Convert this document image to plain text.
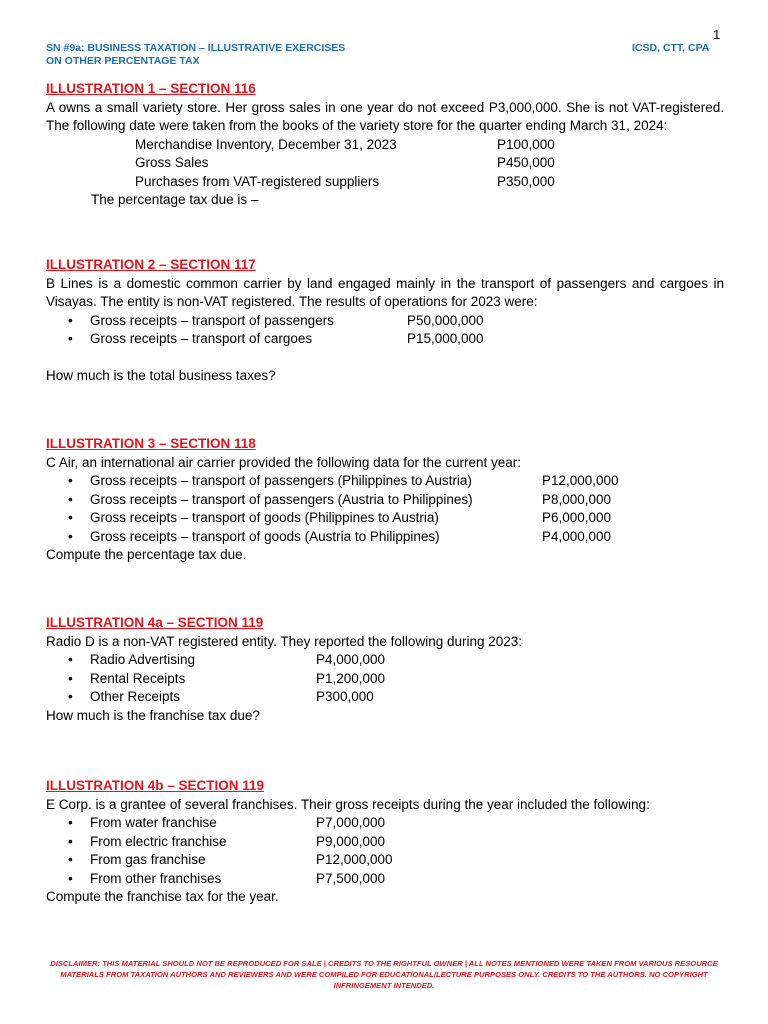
1
SN #9a: BUSINESS TAXATION – ILLUSTRATIVE EXERCISES
ON OTHER PERCENTAGE TAX
ICSD, CTT, CPA
ILLUSTRATION 1 – SECTION 116
A owns a small variety store. Her gross sales in one year do not exceed P3,000,000. She is not VAT-registered. The following date were taken from the books of the variety store for the quarter ending March 31, 2024:
Merchandise Inventory, December 31, 2023	P100,000
Gross Sales	P450,000
Purchases from VAT-registered suppliers	P350,000
The percentage tax due is –
ILLUSTRATION 2 – SECTION 117
B Lines is a domestic common carrier by land engaged mainly in the transport of passengers and cargoes in Visayas. The entity is non-VAT registered. The results of operations for 2023 were:
• Gross receipts – transport of passengers	P50,000,000
• Gross receipts – transport of cargoes	P15,000,000
How much is the total business taxes?
ILLUSTRATION 3 – SECTION 118
C Air, an international air carrier provided the following data for the current year:
• Gross receipts – transport of passengers (Philippines to Austria)	P12,000,000
• Gross receipts – transport of passengers (Austria to Philippines)	P8,000,000
• Gross receipts – transport of goods (Philippines to Austria)	P6,000,000
• Gross receipts – transport of goods (Austria to Philippines)	P4,000,000
Compute the percentage tax due.
ILLUSTRATION 4a – SECTION 119
Radio D is a non-VAT registered entity. They reported the following during 2023:
• Radio Advertising	P4,000,000
• Rental Receipts	P1,200,000
• Other Receipts	P300,000
How much is the franchise tax due?
ILLUSTRATION 4b – SECTION 119
E Corp. is a grantee of several franchises. Their gross receipts during the year included the following:
• From water franchise	P7,000,000
• From electric franchise	P9,000,000
• From gas franchise	P12,000,000
• From other franchises	P7,500,000
Compute the franchise tax for the year.
DISCLAIMER: THIS MATERIAL SHOULD NOT BE REPRODUCED FOR SALE | CREDITS TO THE RIGHTFUL OWNER | ALL NOTES MENTIONED WERE TAKEN FROM VARIOUS RESOURCE MATERIALS FROM TAXATION AUTHORS AND REVIEWERS AND WERE COMPILED FOR EDUCATIONAL/LECTURE PURPOSES ONLY. CREDITS TO THE AUTHORS. NO COPYRIGHT INFRINGEMENT INTENDED.
